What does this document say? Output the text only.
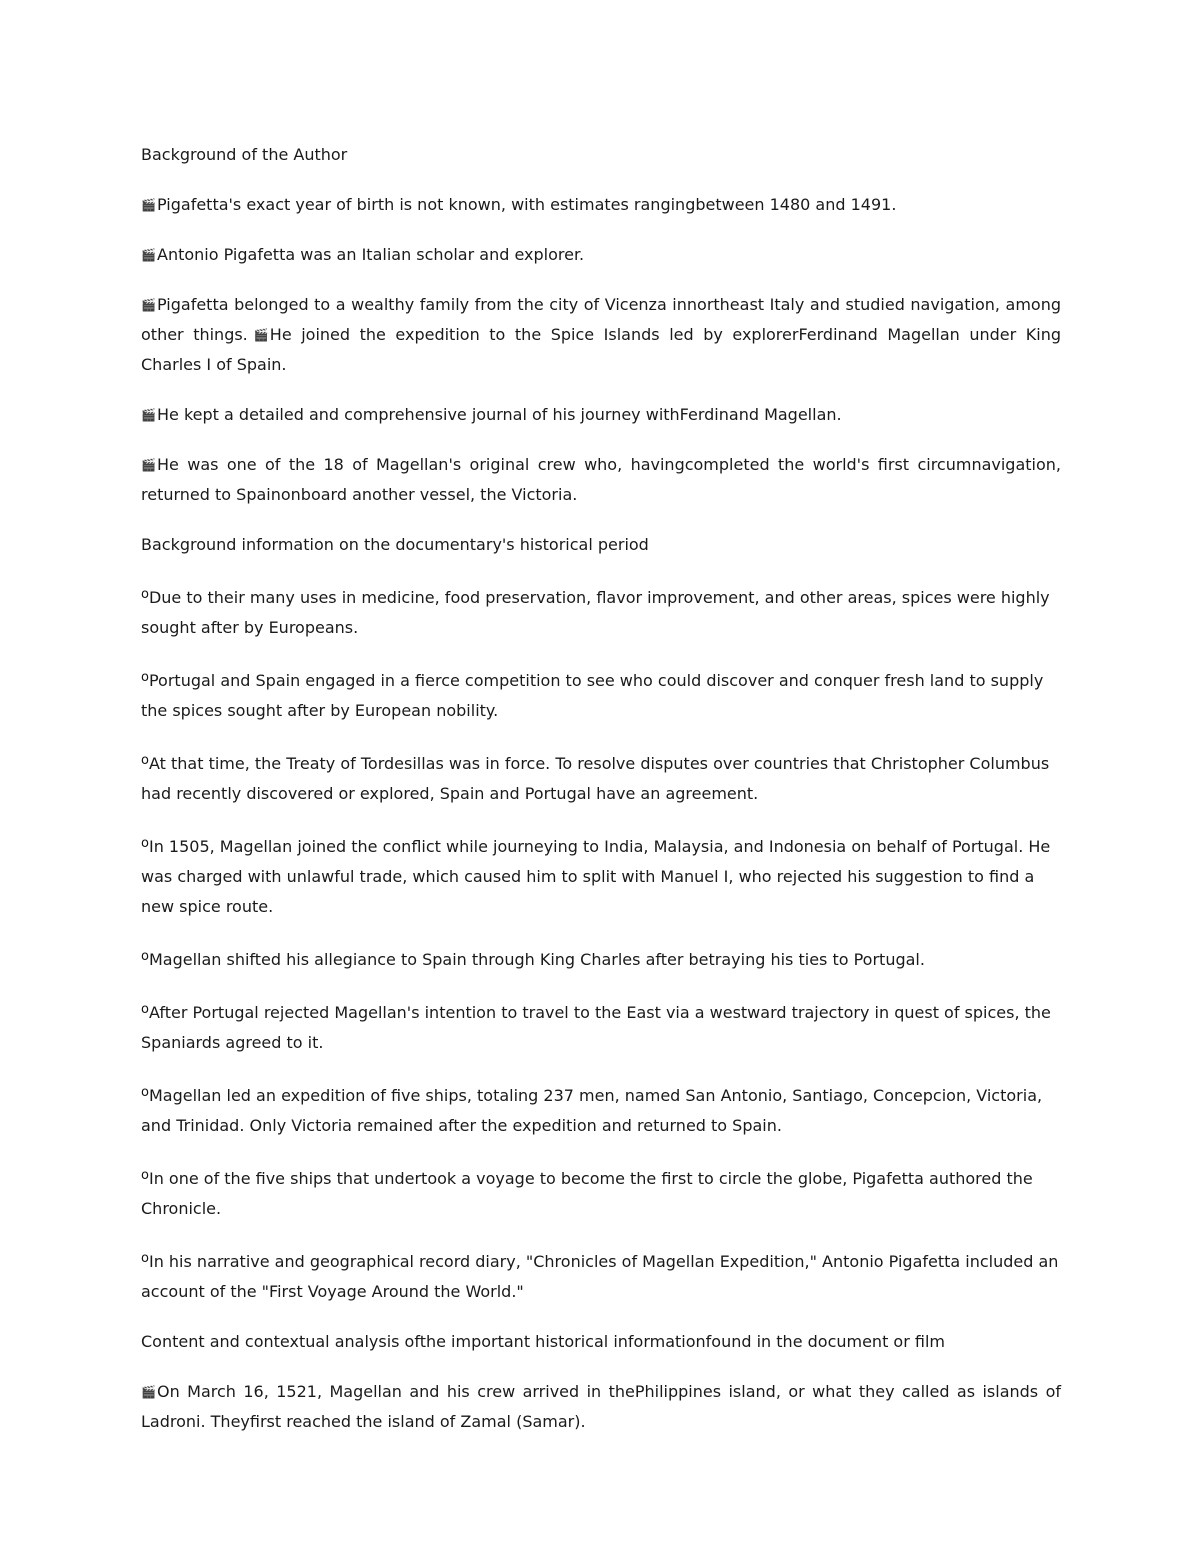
Background of the Author

🎬Pigafetta's exact year of birth is not known, with estimates rangingbetween 1480 and 1491.

🎬Antonio Pigafetta was an Italian scholar and explorer.

🎬Pigafetta belonged to a wealthy family from the city of Vicenza innortheast Italy and studied navigation, among other things. 🎬He joined the expedition to the Spice Islands led by explorerFerdinand Magellan under King Charles I of Spain.

🎬He kept a detailed and comprehensive journal of his journey withFerdinand Magellan.

🎬He was one of the 18 of Magellan's original crew who, havingcompleted the world's first circumnavigation, returned to Spainonboard another vessel, the Victoria.

Background information on the documentary's historical period

$^o$Due to their many uses in medicine, food preservation, flavor improvement, and other areas, spices were highly sought after by Europeans.

$^o$Portugal and Spain engaged in a fierce competition to see who could discover and conquer fresh land to supply the spices sought after by European nobility.

$^o$At that time, the Treaty of Tordesillas was in force. To resolve disputes over countries that Christopher Columbus had recently discovered or explored, Spain and Portugal have an agreement.

$^o$In 1505, Magellan joined the conflict while journeying to India, Malaysia, and Indonesia on behalf of Portugal. He was charged with unlawful trade, which caused him to split with Manuel I, who rejected his suggestion to find a new spice route.

$^o$Magellan shifted his allegiance to Spain through King Charles after betraying his ties to Portugal.

$^o$After Portugal rejected Magellan's intention to travel to the East via a westward trajectory in quest of spices, the Spaniards agreed to it.

$^o$Magellan led an expedition of five ships, totaling 237 men, named San Antonio, Santiago, Concepcion, Victoria, and Trinidad. Only Victoria remained after the expedition and returned to Spain.

$^o$In one of the five ships that undertook a voyage to become the first to circle the globe, Pigafetta authored the Chronicle.

$^o$In his narrative and geographical record diary, "Chronicles of Magellan Expedition," Antonio Pigafetta included an account of the "First Voyage Around the World."

Content and contextual analysis ofthe important historical informationfound in the document or film

🎬On March 16, 1521, Magellan and his crew arrived in thePhilippines island, or what they called as islands of Ladroni. Theyfirst reached the island of Zamal (Samar).
